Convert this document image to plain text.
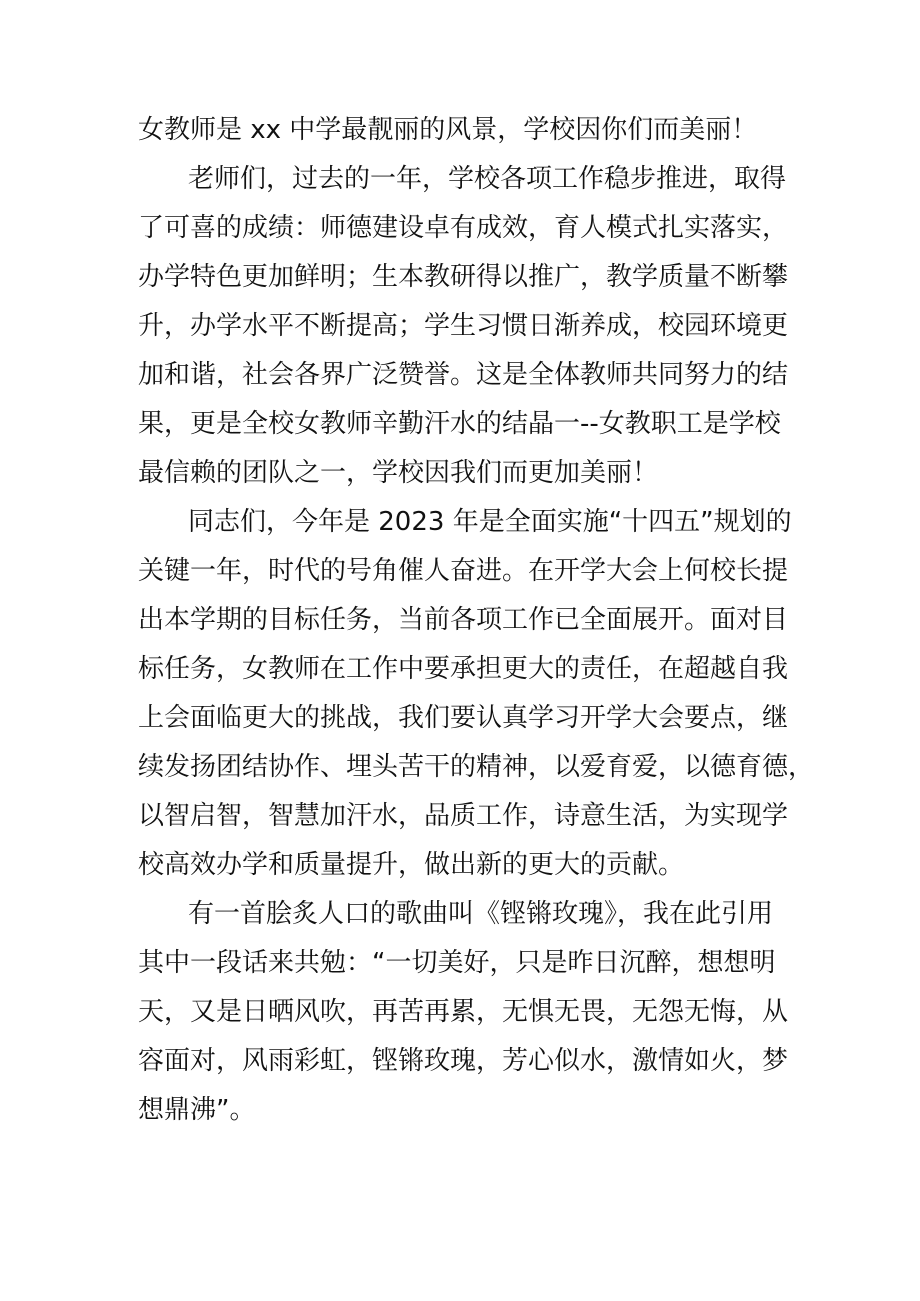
女教师是 xx 中学最靓丽的风景，学校因你们而美丽！
老师们，过去的一年，学校各项工作稳步推进，取得
了可喜的成绩：师德建设卓有成效，育人模式扎实落实，
办学特色更加鲜明；生本教研得以推广，教学质量不断攀
升，办学水平不断提高；学生习惯日渐养成，校园环境更
加和谐，社会各界广泛赞誉。这是全体教师共同努力的结
果，更是全校女教师辛勤汗水的结晶一--女教职工是学校
最信赖的团队之一，学校因我们而更加美丽！
同志们，今年是 2023 年是全面实施“十四五”规划的
关键一年，时代的号角催人奋进。在开学大会上何校长提
出本学期的目标任务，当前各项工作已全面展开。面对目
标任务，女教师在工作中要承担更大的责任，在超越自我
上会面临更大的挑战，我们要认真学习开学大会要点，继
续发扬团结协作、埋头苦干的精神，以爱育爱，以德育德，
以智启智，智慧加汗水，品质工作，诗意生活，为实现学
校高效办学和质量提升，做出新的更大的贡献。
有一首脍炙人口的歌曲叫《铿锵玫瑰》，我在此引用
其中一段话来共勉：“一切美好，只是昨日沉醉，想想明
天，又是日晒风吹，再苦再累，无惧无畏，无怨无悔，从
容面对，风雨彩虹，铿锵玫瑰，芳心似水，激情如火，梦
想鼎沸”。
